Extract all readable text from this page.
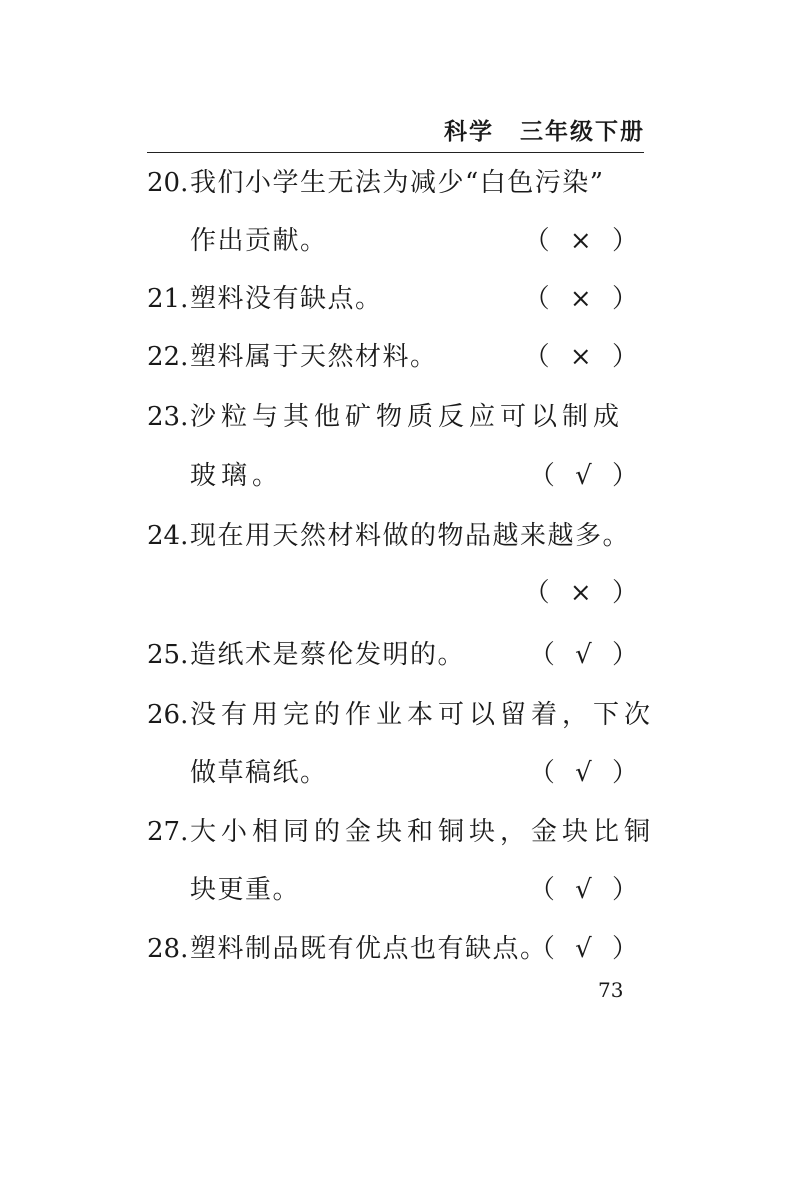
科学 三年级下册
20.我们小学生无法为减少“白色污染”
作出贡献。	（ × ）
21.塑料没有缺点。	（ × ）
22.塑料属于天然材料。	（ × ）
23.沙粒与其他矿物质反应可以制成
玻璃。	（ √ ）
24.现在用天然材料做的物品越来越多。
（ × ）
25.造纸术是蔡伦发明的。 （ √ ）
26.没有用完的作业本可以留着，下次
做草稿纸。	（ √ ）
27.大小相同的金块和铜块，金块比铜
块更重。	（ √ ）
28.塑料制品既有优点也有缺点。
（ √ ）
73
